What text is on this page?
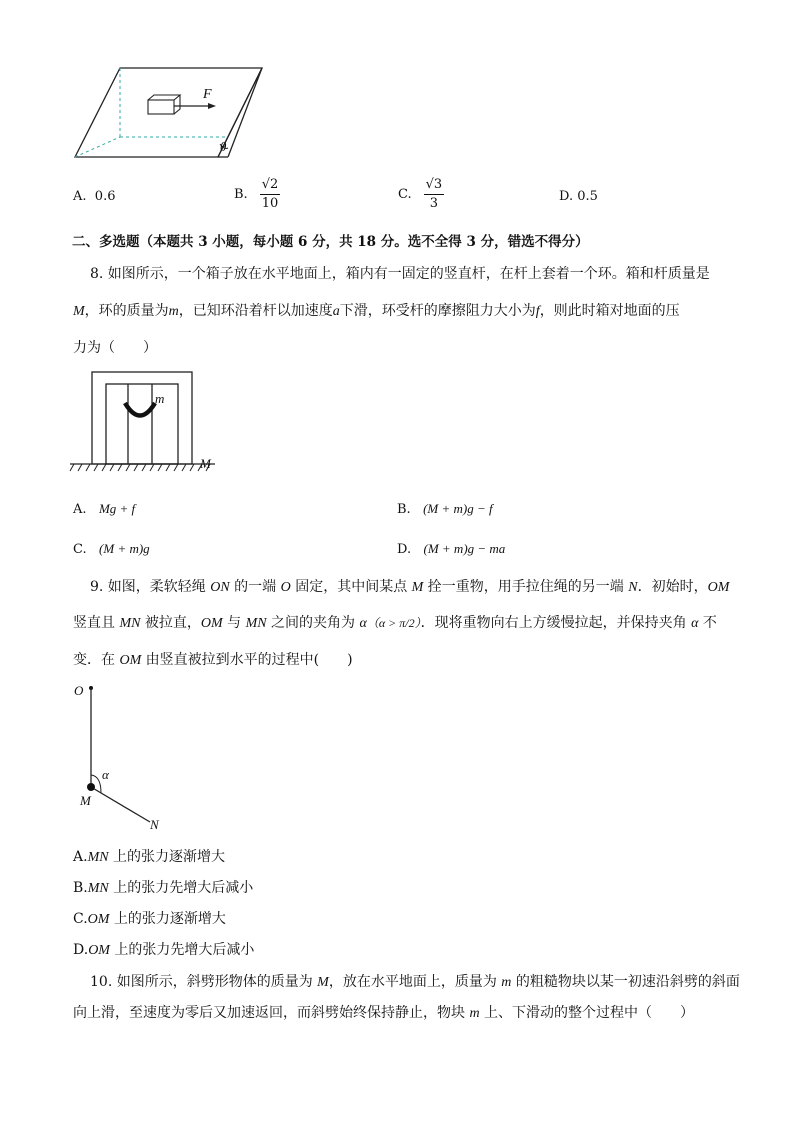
F
θ
A. 0.6	B. $\frac{√2}{10}$	C. $\frac{√3}{3}$	D. 0.5
二、多选题（本题共 3 小题，每小题 6 分，共 18 分。选不全得 3 分，错选不得分）
8. 如图所示，一个箱子放在水平地面上，箱内有一固定的竖直杆，在杆上套着一个环。箱和杆质量是
M，环的质量为m，已知环沿着杆以加速度a下滑，环受杆的摩擦阻力大小为f，则此时箱对地面的压
力为（　　）
m
M
A. Mg + f	B. (M + m)g − f
C. (M + m)g	D. (M + m)g − ma
9. 如图，柔软轻绳 ON 的一端 O 固定，其中间某点 M 拴一重物，用手拉住绳的另一端 N．初始时，OM
竖直且 MN 被拉直，OM 与 MN 之间的夹角为 α（α > π/2）．现将重物向右上方缓慢拉起，并保持夹角 α 不
变．在 OM 由竖直被拉到水平的过程中(　　)
O
α
M
N
A.MN 上的张力逐渐增大
B.MN 上的张力先增大后减小
C.OM 上的张力逐渐增大
D.OM 上的张力先增大后减小
10. 如图所示，斜劈形物体的质量为 M，放在水平地面上，质量为 m 的粗糙物块以某一初速沿斜劈的斜面
向上滑，至速度为零后又加速返回，而斜劈始终保持静止，物块 m 上、下滑动的整个过程中（　　）
